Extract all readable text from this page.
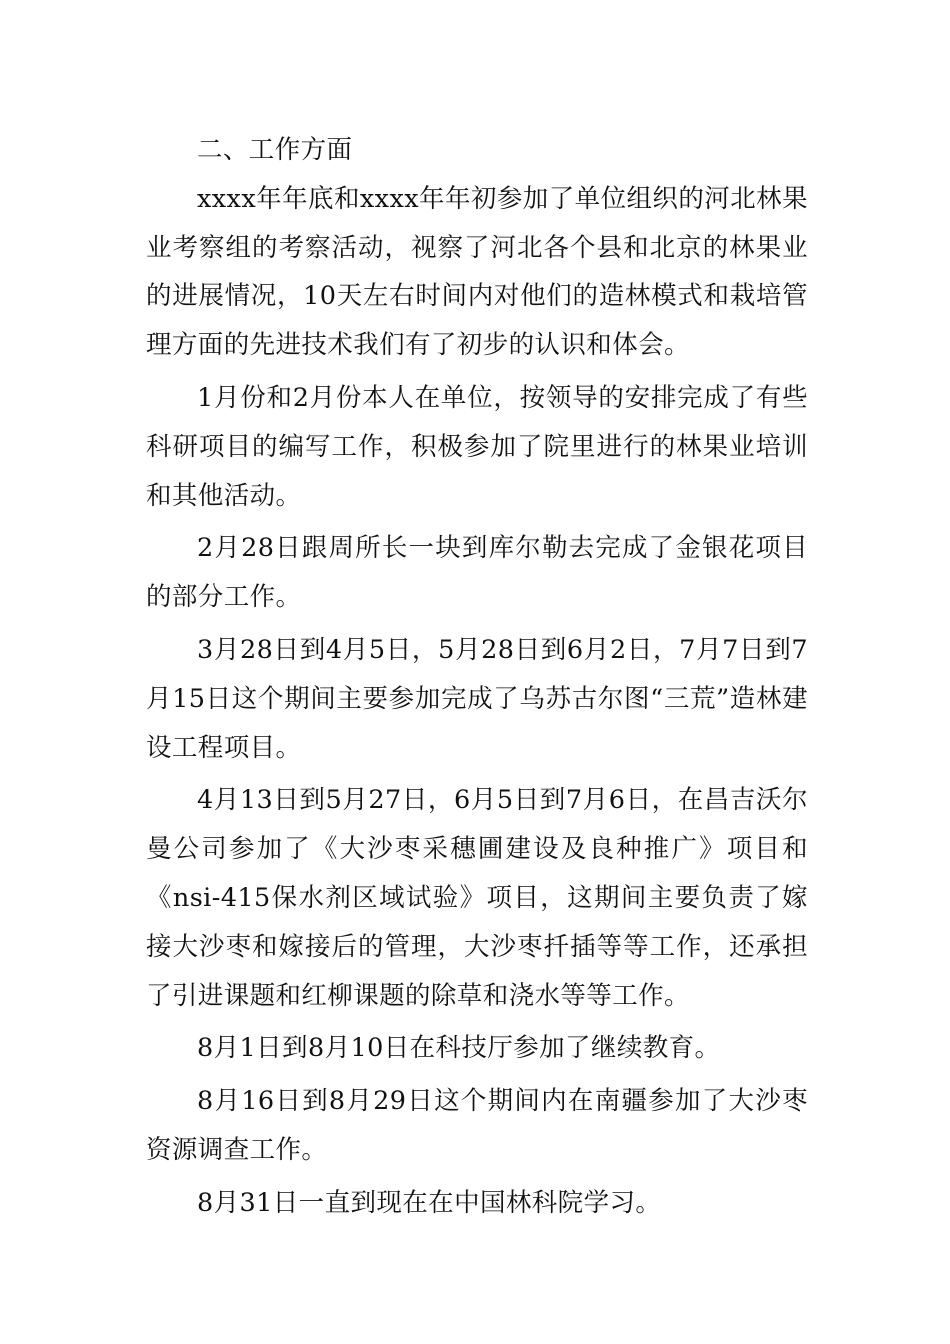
二、工作方面

xxxx年年底和xxxx年年初参加了单位组织的河北林果业考察组的考察活动，视察了河北各个县和北京的林果业的进展情况，10天左右时间内对他们的造林模式和栽培管理方面的先进技术我们有了初步的认识和体会。

1月份和2月份本人在单位，按领导的安排完成了有些科研项目的编写工作，积极参加了院里进行的林果业培训和其他活动。

2月28日跟周所长一块到库尔勒去完成了金银花项目的部分工作。

3月28日到4月5日，5月28日到6月2日，7月7日到7月15日这个期间主要参加完成了乌苏古尔图“三荒”造林建设工程项目。

4月13日到5月27日，6月5日到7月6日，在昌吉沃尔曼公司参加了《大沙枣采穗圃建设及良种推广》项目和《nsi-415保水剂区域试验》项目，这期间主要负责了嫁接大沙枣和嫁接后的管理，大沙枣扦插等等工作，还承担了引进课题和红柳课题的除草和浇水等等工作。

8月1日到8月10日在科技厅参加了继续教育。

8月16日到8月29日这个期间内在南疆参加了大沙枣资源调查工作。

8月31日一直到现在在中国林科院学习。
